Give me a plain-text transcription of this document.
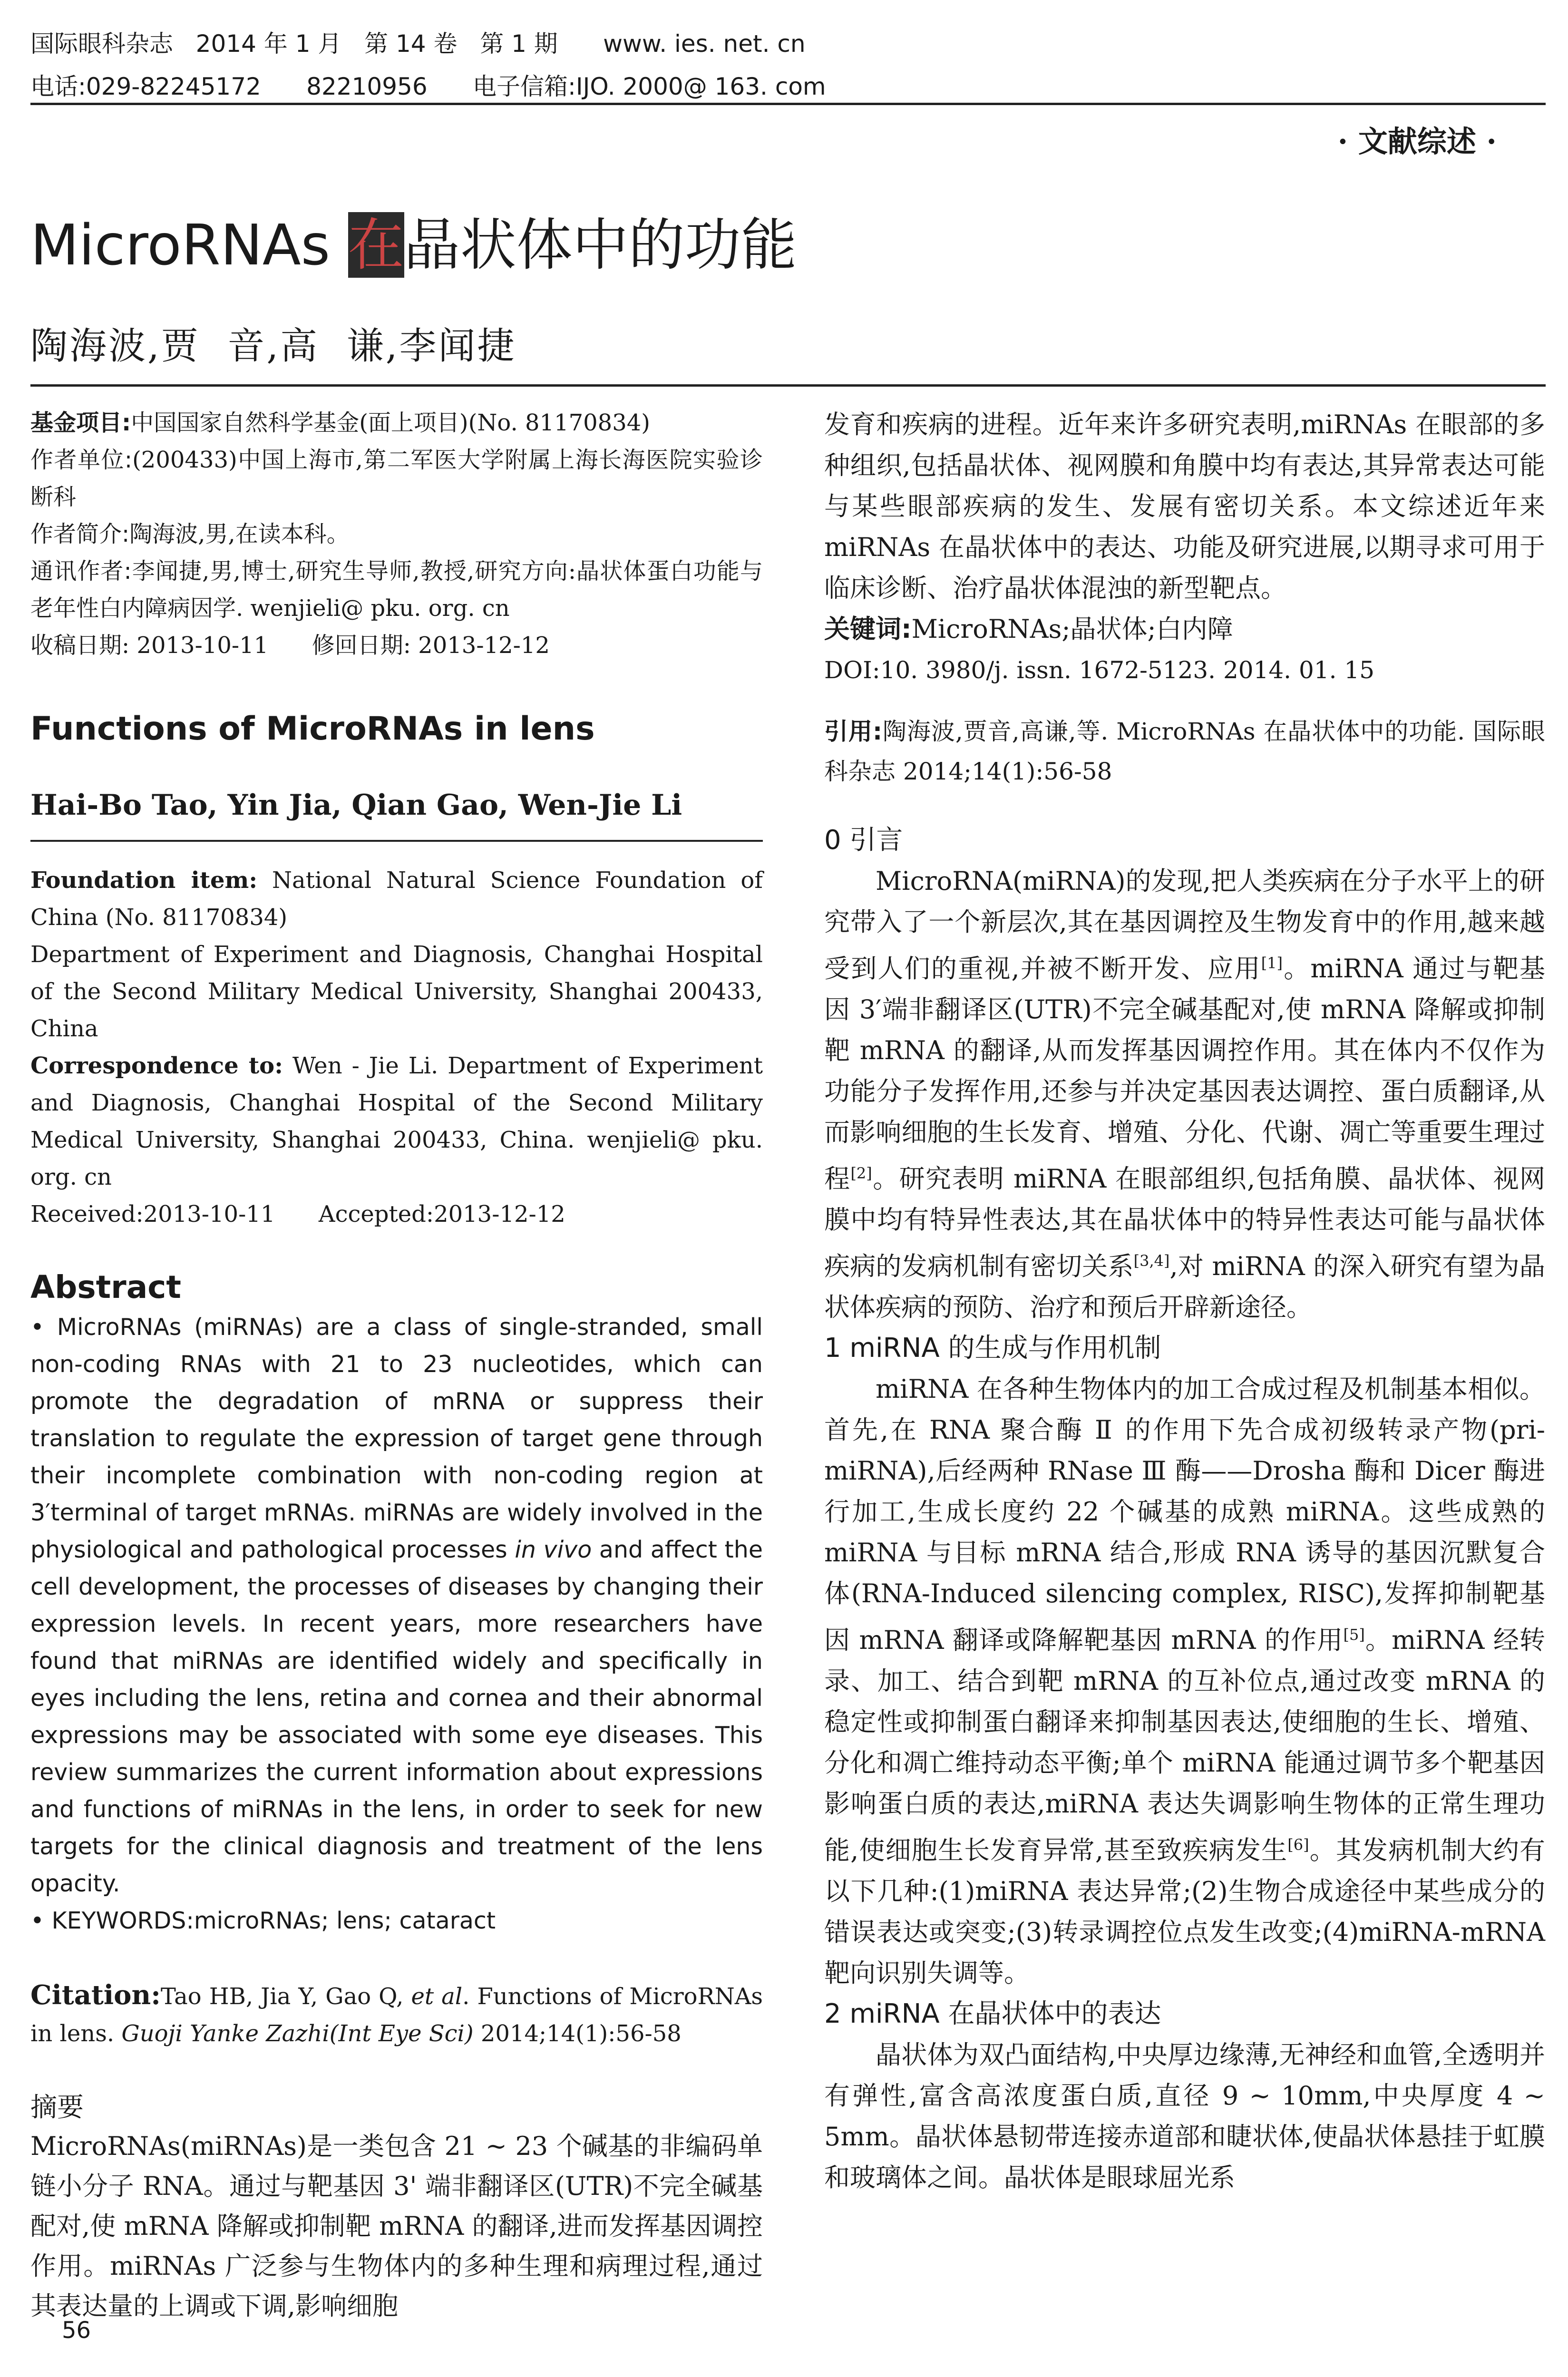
国际眼科杂志   2014 年 1 月   第 14 卷   第 1 期      www. ies. net. cn
电话:029-82245172      82210956      电子信箱:IJO. 2000@ 163. com
· 文献综述 ·
MicroRNAs 在晶状体中的功能
陶海波,贾  音,高  谦,李闻捷

基金项目:中国国家自然科学基金(面上项目)(No. 81170834)

作者单位:(200433)中国上海市,第二军医大学附属上海长海医院实验诊断科

作者简介:陶海波,男,在读本科。

通讯作者:李闻捷,男,博士,研究生导师,教授,研究方向:晶状体蛋白功能与老年性白内障病因学. wenjieli@ pku. org. cn

收稿日期: 2013-10-11      修回日期: 2013-12-12

Functions of MicroRNAs in lens

Hai-Bo Tao, Yin Jia, Qian Gao, Wen-Jie Li

Foundation item: National Natural Science Foundation of China (No. 81170834)

Department of Experiment and Diagnosis, Changhai Hospital of the Second Military Medical University, Shanghai 200433, China

Correspondence to: Wen - Jie Li. Department of Experiment and Diagnosis, Changhai Hospital of the Second Military Medical University, Shanghai 200433, China. wenjieli@ pku. org. cn

Received:2013-10-11      Accepted:2013-12-12

Abstract

• MicroRNAs (miRNAs) are a class of single-stranded, small non-coding RNAs with 21 to 23 nucleotides, which can promote the degradation of mRNA or suppress their translation to regulate the expression of target gene through their incomplete combination with non-coding region at 3′terminal of target mRNAs. miRNAs are widely involved in the physiological and pathological processes in vivo and affect the cell development, the processes of diseases by changing their expression levels. In recent years, more researchers have found that miRNAs are identified widely and specifically in eyes including the lens, retina and cornea and their abnormal expressions may be associated with some eye diseases. This review summarizes the current information about expressions and functions of miRNAs in the lens, in order to seek for new targets for the clinical diagnosis and treatment of the lens opacity.

• KEYWORDS:microRNAs; lens; cataract

Citation:Tao HB, Jia Y, Gao Q, et al. Functions of MicroRNAs in lens. Guoji Yanke Zazhi(Int Eye Sci) 2014;14(1):56-58

摘要

MicroRNAs(miRNAs)是一类包含 21 ~ 23 个碱基的非编码单链小分子 RNA。通过与靶基因 3' 端非翻译区(UTR)不完全碱基配对,使 mRNA 降解或抑制靶 mRNA 的翻译,进而发挥基因调控作用。miRNAs 广泛参与生物体内的多种生理和病理过程,通过其表达量的上调或下调,影响细胞

发育和疾病的进程。近年来许多研究表明,miRNAs 在眼部的多种组织,包括晶状体、视网膜和角膜中均有表达,其异常表达可能与某些眼部疾病的发生、发展有密切关系。本文综述近年来 miRNAs 在晶状体中的表达、功能及研究进展,以期寻求可用于临床诊断、治疗晶状体混浊的新型靶点。

关键词:MicroRNAs;晶状体;白内障

DOI:10. 3980/j. issn. 1672-5123. 2014. 01. 15

引用:陶海波,贾音,高谦,等. MicroRNAs 在晶状体中的功能. 国际眼科杂志 2014;14(1):56-58

0 引言

MicroRNA(miRNA)的发现,把人类疾病在分子水平上的研究带入了一个新层次,其在基因调控及生物发育中的作用,越来越受到人们的重视,并被不断开发、应用[1]。miRNA 通过与靶基因 3′端非翻译区(UTR)不完全碱基配对,使 mRNA 降解或抑制靶 mRNA 的翻译,从而发挥基因调控作用。其在体内不仅作为功能分子发挥作用,还参与并决定基因表达调控、蛋白质翻译,从而影响细胞的生长发育、增殖、分化、代谢、凋亡等重要生理过程[2]。研究表明 miRNA 在眼部组织,包括角膜、晶状体、视网膜中均有特异性表达,其在晶状体中的特异性表达可能与晶状体疾病的发病机制有密切关系[3,4],对 miRNA 的深入研究有望为晶状体疾病的预防、治疗和预后开辟新途径。

1 miRNA 的生成与作用机制

miRNA 在各种生物体内的加工合成过程及机制基本相似。首先,在 RNA 聚合酶 Ⅱ 的作用下先合成初级转录产物(pri-miRNA),后经两种 RNase Ⅲ 酶——Drosha 酶和 Dicer 酶进行加工,生成长度约 22 个碱基的成熟 miRNA。这些成熟的 miRNA 与目标 mRNA 结合,形成 RNA 诱导的基因沉默复合体(RNA-Induced silencing complex, RISC),发挥抑制靶基因 mRNA 翻译或降解靶基因 mRNA 的作用[5]。miRNA 经转录、加工、结合到靶 mRNA 的互补位点,通过改变 mRNA 的稳定性或抑制蛋白翻译来抑制基因表达,使细胞的生长、增殖、分化和凋亡维持动态平衡;单个 miRNA 能通过调节多个靶基因影响蛋白质的表达,miRNA 表达失调影响生物体的正常生理功能,使细胞生长发育异常,甚至致疾病发生[6]。其发病机制大约有以下几种:(1)miRNA 表达异常;(2)生物合成途径中某些成分的错误表达或突变;(3)转录调控位点发生改变;(4)miRNA-mRNA 靶向识别失调等。

2 miRNA 在晶状体中的表达

晶状体为双凸面结构,中央厚边缘薄,无神经和血管,全透明并有弹性,富含高浓度蛋白质,直径 9 ~ 10mm,中央厚度 4 ~ 5mm。晶状体悬韧带连接赤道部和睫状体,使晶状体悬挂于虹膜和玻璃体之间。晶状体是眼球屈光系

56
